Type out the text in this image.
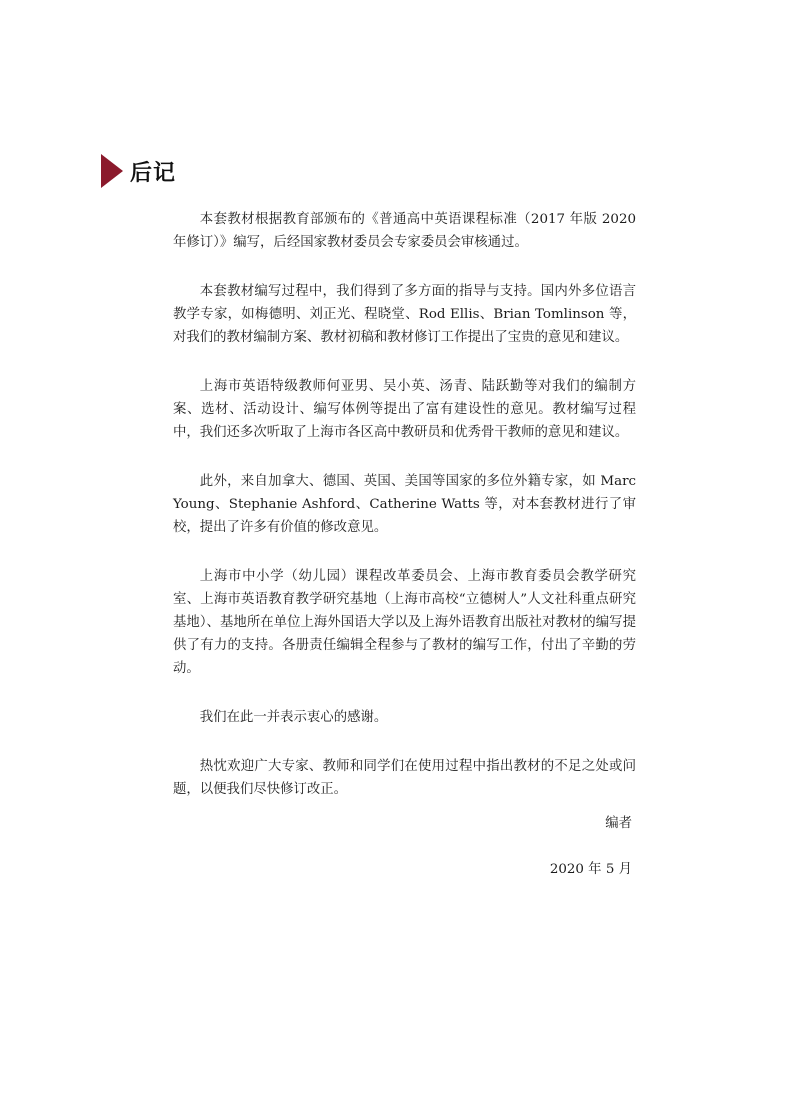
后记

本套教材根据教育部颁布的《普通高中英语课程标准（2017 年版 2020 年修订）》编写，后经国家教材委员会专家委员会审核通过。

本套教材编写过程中，我们得到了多方面的指导与支持。国内外多位语言教学专家，如梅德明、刘正光、程晓堂、Rod Ellis、Brian Tomlinson 等，对我们的教材编制方案、教材初稿和教材修订工作提出了宝贵的意见和建议。

上海市英语特级教师何亚男、吴小英、汤青、陆跃勤等对我们的编制方案、选材、活动设计、编写体例等提出了富有建设性的意见。教材编写过程中，我们还多次听取了上海市各区高中教研员和优秀骨干教师的意见和建议。

此外，来自加拿大、德国、英国、美国等国家的多位外籍专家，如 Marc Young、Stephanie Ashford、Catherine Watts 等，对本套教材进行了审校，提出了许多有价值的修改意见。

上海市中小学（幼儿园）课程改革委员会、上海市教育委员会教学研究室、上海市英语教育教学研究基地（上海市高校“立德树人”人文社科重点研究基地）、基地所在单位上海外国语大学以及上海外语教育出版社对教材的编写提供了有力的支持。各册责任编辑全程参与了教材的编写工作，付出了辛勤的劳动。

我们在此一并表示衷心的感谢。

热忱欢迎广大专家、教师和同学们在使用过程中指出教材的不足之处或问题，以便我们尽快修订改正。

编者
2020 年 5 月
